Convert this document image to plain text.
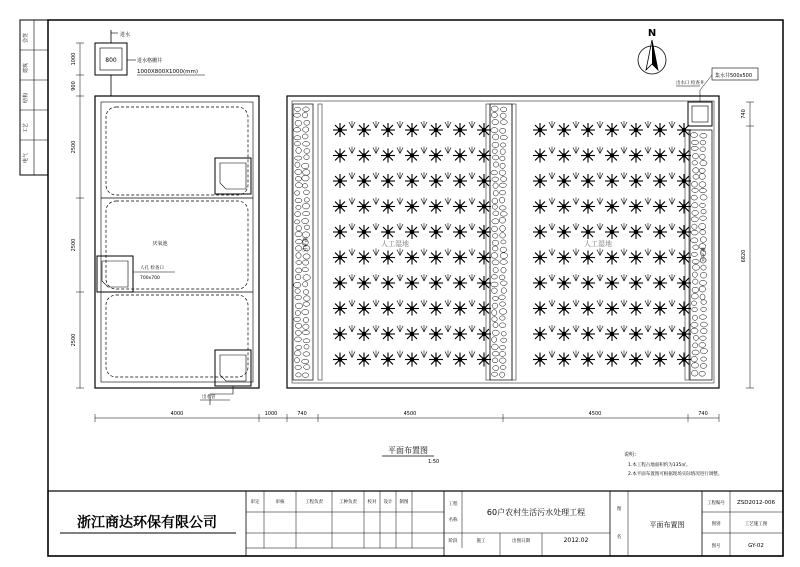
会签
建筑
结构
工艺
电气
N
800
进水
进水格栅井
1000X800X1000(mm)
厌氧池
人孔 检查口
700x700
出水管
配水区
配水区
人工湿地	人工湿地
集水井500x500
出水口 检查井
1000
900
2500
2500
2500
740
6820
4000	1000	740	4500	4500	740
平面布置图
1:50
说明：
1.本工程占地面积约为135㎡。
2.本平面布置图可根据现场实际情况进行调整。
浙江商达环保有限公司
审定	审核	工程负责	工种负责 校对 设计 制图	工程
名称
60户农村生活污水处理工程
阶段	施工	出图日期	2012.02
图
名
平面布置图
工程编号 ZSD2012-006
图别	工艺施工图
图号	GY-02
